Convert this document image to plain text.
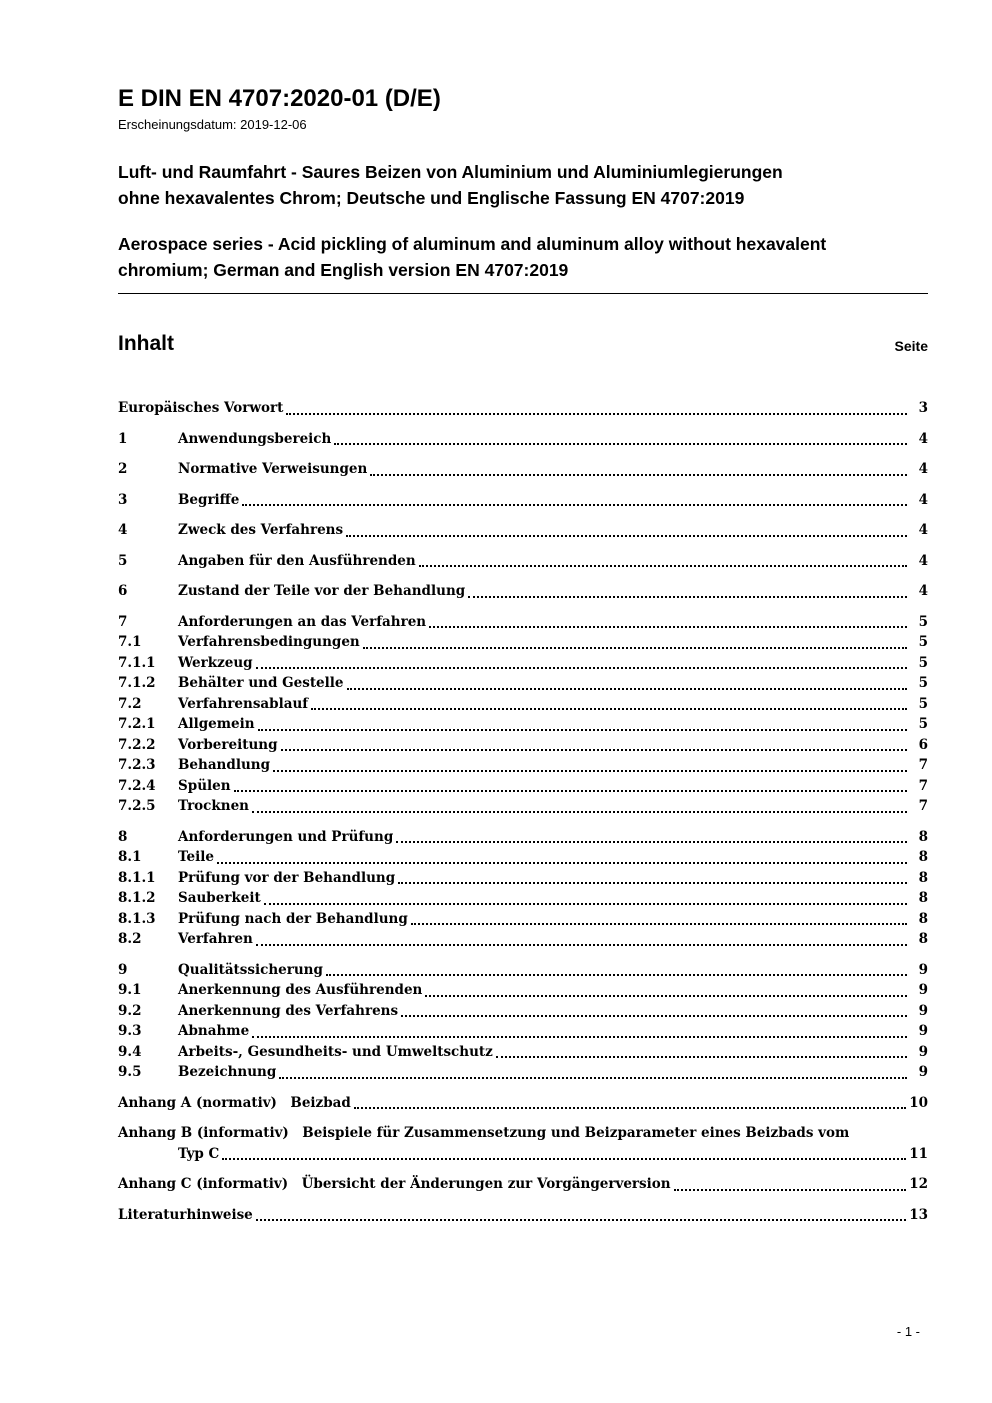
E DIN EN 4707:2020-01 (D/E)
Erscheinungsdatum: 2019-12-06
Luft- und Raumfahrt - Saures Beizen von Aluminium und Aluminiumlegierungen
ohne hexavalentes Chrom; Deutsche und Englische Fassung EN 4707:2019
Aerospace series - Acid pickling of aluminum and aluminum alloy without hexavalent
chromium; German and English version EN 4707:2019
Inhalt	Seite
Europäisches Vorwort	3
1	Anwendungsbereich	4
2	Normative Verweisungen	4
3	Begriffe	4
4	Zweck des Verfahrens	4
5	Angaben für den Ausführenden	4
6	Zustand der Teile vor der Behandlung	4
7	Anforderungen an das Verfahren	5
7.1	Verfahrensbedingungen	5
7.1.1	Werkzeug	5
7.1.2	Behälter und Gestelle	5
7.2	Verfahrensablauf	5
7.2.1	Allgemein	5
7.2.2	Vorbereitung	6
7.2.3	Behandlung	7
7.2.4	Spülen	7
7.2.5	Trocknen	7
8	Anforderungen und Prüfung	8
8.1	Teile	8
8.1.1	Prüfung vor der Behandlung	8
8.1.2	Sauberkeit	8
8.1.3	Prüfung nach der Behandlung	8
8.2	Verfahren	8
9	Qualitätssicherung	9
9.1	Anerkennung des Ausführenden	9
9.2	Anerkennung des Verfahrens	9
9.3	Abnahme	9
9.4	Arbeits-, Gesundheits- und Umweltschutz	9
9.5	Bezeichnung	9
Anhang A (normativ) Beizbad	10
Anhang B (informativ) Beispiele für Zusammensetzung und Beizparameter eines Beizbads vom
Typ C	11
Anhang C (informativ) Übersicht der Änderungen zur Vorgängerversion	12
Literaturhinweise	13
- 1 -
